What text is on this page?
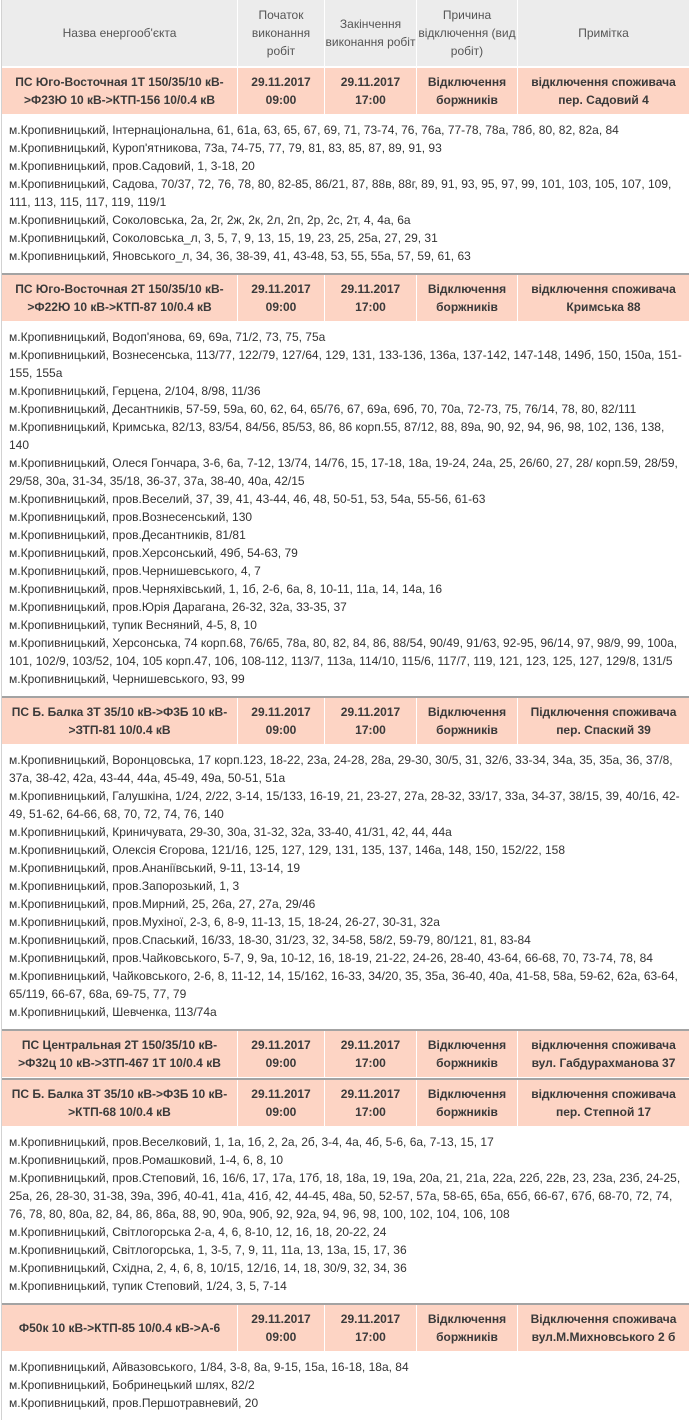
Назва енергооб'єкта
Початок виконання робіт
Закінчення виконання робіт
Причина відключення (вид робіт)
Примітка
ПС Юго-Восточная 1Т 150/35/10 кВ->Ф23Ю 10 кВ->КТП-156 10/0.4 кВ
29.11.2017 09:00
29.11.2017 17:00
Відключення боржників
відключення споживача пер. Садовий 4
м.Кропивницький, Інтернаціональна, 61, 61а, 63, 65, 67, 69, 71, 73-74, 76, 76а, 77-78, 78а, 78б, 80, 82, 82а, 84
м.Кропивницький, Куроп'ятникова, 73а, 74-75, 77, 79, 81, 83, 85, 87, 89, 91, 93
м.Кропивницький, пров.Садовий, 1, 3-18, 20
м.Кропивницький, Садова, 70/37, 72, 76, 78, 80, 82-85, 86/21, 87, 88в, 88г, 89, 91, 93, 95, 97, 99, 101, 103, 105, 107, 109, 111, 113, 115, 117, 119, 119/1
м.Кропивницький, Соколовська, 2а, 2г, 2ж, 2к, 2л, 2п, 2р, 2с, 2т, 4, 4а, 6а
м.Кропивницький, Соколовська_л, 3, 5, 7, 9, 13, 15, 19, 23, 25, 25а, 27, 29, 31
м.Кропивницький, Яновського_л, 34, 36, 38-39, 41, 43-48, 53, 55, 55а, 57, 59, 61, 63
ПС Юго-Восточная 2Т 150/35/10 кВ->Ф22Ю 10 кВ->КТП-87 10/0.4 кВ
29.11.2017 09:00
29.11.2017 17:00
Відключення боржників
відключення споживача Кримська 88
м.Кропивницький, Водоп'янова, 69, 69а, 71/2, 73, 75, 75а
м.Кропивницький, Вознесенська, 113/77, 122/79, 127/64, 129, 131, 133-136, 136а, 137-142, 147-148, 149б, 150, 150а, 151-155, 155а
м.Кропивницький, Герцена, 2/104, 8/98, 11/36
м.Кропивницький, Десантників, 57-59, 59а, 60, 62, 64, 65/76, 67, 69а, 69б, 70, 70а, 72-73, 75, 76/14, 78, 80, 82/111
м.Кропивницький, Кримська, 82/13, 83/54, 84/56, 85/53, 86, 86 корп.55, 87/12, 88, 89а, 90, 92, 94, 96, 98, 102, 136, 138, 140
м.Кропивницький, Олеся Гончара, 3-6, 6а, 7-12, 13/74, 14/76, 15, 17-18, 18а, 19-24, 24а, 25, 26/60, 27, 28/ корп.59, 28/59, 29/58, 30а, 31-34, 35/18, 36-37, 37а, 38-40, 40а, 42/15
м.Кропивницький, пров.Веселий, 37, 39, 41, 43-44, 46, 48, 50-51, 53, 54а, 55-56, 61-63
м.Кропивницький, пров.Вознесенський, 130
м.Кропивницький, пров.Десантників, 81/81
м.Кропивницький, пров.Херсонський, 49б, 54-63, 79
м.Кропивницький, пров.Чернишевського, 4, 7
м.Кропивницький, пров.Черняхівський, 1, 1б, 2-6, 6а, 8, 10-11, 11а, 14, 14а, 16
м.Кропивницький, пров.Юрія Дарагана, 26-32, 32а, 33-35, 37
м.Кропивницький, тупик Весняний, 4-5, 8, 10
м.Кропивницький, Херсонська, 74 корп.68, 76/65, 78а, 80, 82, 84, 86, 88/54, 90/49, 91/63, 92-95, 96/14, 97, 98/9, 99, 100а, 101, 102/9, 103/52, 104, 105 корп.47, 106, 108-112, 113/7, 113а, 114/10, 115/6, 117/7, 119, 121, 123, 125, 127, 129/8, 131/5
м.Кропивницький, Чернишевського, 93, 99
ПС Б. Балка 3Т 35/10 кВ->Ф3Б 10 кВ->ЗТП-81 10/0.4 кВ
29.11.2017 09:00
29.11.2017 17:00
Відключення боржників
Підключення споживача пер. Спаский 39
м.Кропивницький, Воронцовська, 17 корп.123, 18-22, 23а, 24-28, 28а, 29-30, 30/5, 31, 32/6, 33-34, 34а, 35, 35а, 36, 37/8, 37а, 38-42, 42а, 43-44, 44а, 45-49, 49а, 50-51, 51а
м.Кропивницький, Галушкіна, 1/24, 2/22, 3-14, 15/133, 16-19, 21, 23-27, 27а, 28-32, 33/17, 33а, 34-37, 38/15, 39, 40/16, 42-49, 51-62, 64-66, 68, 70, 72, 74, 76, 140
м.Кропивницький, Криничувата, 29-30, 30а, 31-32, 32а, 33-40, 41/31, 42, 44, 44а
м.Кропивницький, Олексія Єгорова, 121/16, 125, 127, 129, 131, 135, 137, 146а, 148, 150, 152/22, 158
м.Кропивницький, пров.Ананіївський, 9-11, 13-14, 19
м.Кропивницький, пров.Запорозький, 1, 3
м.Кропивницький, пров.Мирний, 25, 26а, 27, 27а, 29/46
м.Кропивницький, пров.Мухіної, 2-3, 6, 8-9, 11-13, 15, 18-24, 26-27, 30-31, 32а
м.Кропивницький, пров.Спаський, 16/33, 18-30, 31/23, 32, 34-58, 58/2, 59-79, 80/121, 81, 83-84
м.Кропивницький, пров.Чайковського, 5-7, 9, 9а, 10-12, 16, 18-19, 21-22, 24-26, 28-40, 43-64, 66-68, 70, 73-74, 78, 84
м.Кропивницький, Чайковського, 2-6, 8, 11-12, 14, 15/162, 16-33, 34/20, 35, 35а, 36-40, 40а, 41-58, 58а, 59-62, 62а, 63-64, 65/119, 66-67, 68а, 69-75, 77, 79
м.Кропивницький, Шевченка, 113/74а
ПС Центральная 2Т 150/35/10 кВ->Ф32ц 10 кВ->ЗТП-467 1Т 10/0.4 кВ
29.11.2017 09:00
29.11.2017 17:00
Відключення боржників
відключення споживача вул. Габдурахманова 37
ПС Б. Балка 3Т 35/10 кВ->Ф3Б 10 кВ->КТП-68 10/0.4 кВ
29.11.2017 09:00
29.11.2017 17:00
Відключення боржників
відключення споживача пер. Степной 17
м.Кропивницький, пров.Веселковий, 1, 1а, 1б, 2, 2а, 2б, 3-4, 4а, 4б, 5-6, 6а, 7-13, 15, 17
м.Кропивницький, пров.Ромашковий, 1-4, 6, 8, 10
м.Кропивницький, пров.Степовий, 16, 16/6, 17, 17а, 17б, 18, 18а, 19, 19а, 20а, 21, 21а, 22а, 22б, 22в, 23, 23а, 23б, 24-25, 25а, 26, 28-30, 31-38, 39а, 39б, 40-41, 41а, 41б, 42, 44-45, 48а, 50, 52-57, 57а, 58-65, 65а, 65б, 66-67, 67б, 68-70, 72, 74, 76, 78, 80, 80а, 82, 84, 86, 86а, 88, 90, 90а, 90б, 92, 92а, 94, 96, 98, 100, 102, 104, 106, 108
м.Кропивницький, Світлогорська 2-а, 4, 6, 8-10, 12, 16, 18, 20-22, 24
м.Кропивницький, Світлогорська, 1, 3-5, 7, 9, 11, 11а, 13, 13а, 15, 17, 36
м.Кропивницький, Східна, 2, 4, 6, 8, 10/15, 12/16, 14, 18, 30/9, 32, 34, 36
м.Кропивницький, тупик Степовий, 1/24, 3, 5, 7-14
Ф50к 10 кВ->КТП-85 10/0.4 кВ->А-6
29.11.2017 09:00
29.11.2017 17:00
Відключення боржників
Відключення споживача вул.М.Михновського 2 б
м.Кропивницький, Айвазовського, 1/84, 3-8, 8а, 9-15, 15а, 16-18, 18а, 84
м.Кропивницький, Бобринецький шлях, 82/2
м.Кропивницький, пров.Першотравневий, 20
